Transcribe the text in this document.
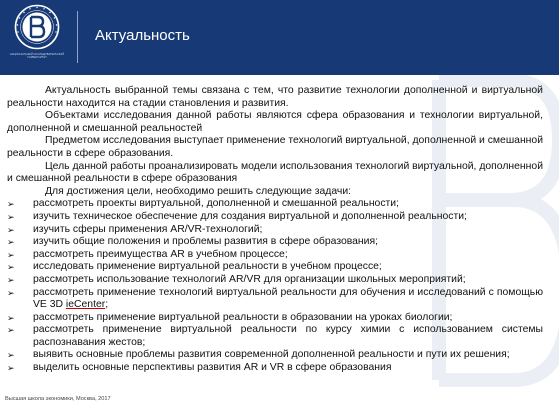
НАЦИОНАЛЬНЫЙ ИССЛЕДОВАТЕЛЬСКИЙ УНИВЕРСИТЕТ
Актуальность

Актуальность выбранной темы связана с тем, что развитие технологии дополненной и виртуальной реальности находится на стадии становления и развития.

Объектами исследования данной работы являются сфера образования и технологии виртуальной, дополненной и смешанной реальностей

Предметом исследования выступает применение технологий виртуальной, дополненной и смешанной реальности в сфере образования.

Цель данной работы проанализировать модели использования технологий виртуальной, дополненной и смешанной реальности в сфере образования

Для достижения цели, необходимо решить следующие задачи:

➢ рассмотреть проекты виртуальной, дополненной и смешанной реальности;
➢ изучить техническое обеспечение для создания виртуальной и дополненной реальности;
➢ изучить сферы применения AR/VR-технологий;
➢ изучить общие положения и проблемы развития в сфере образования;
➢ рассмотреть преимущества AR в учебном процессе;
➢ исследовать применение виртуальной реальности в учебном процессе;
➢ рассмотреть использование технологий AR/VR для организации школьных мероприятий;
➢ рассмотреть применение технологий виртуальной реальности для обучения и исследований с помощью VE 3D ieCenter;
➢ рассмотреть применение виртуальной реальности в образовании на уроках биологии;
➢ рассмотреть применение виртуальной реальности по курсу химии с использованием системы распознавания жестов;
➢ выявить основные проблемы развития современной дополненной реальности и пути их решения;
➢ выделить основные перспективы развития AR и VR в сфере образования
Высшая школа экономики, Москва, 2017
